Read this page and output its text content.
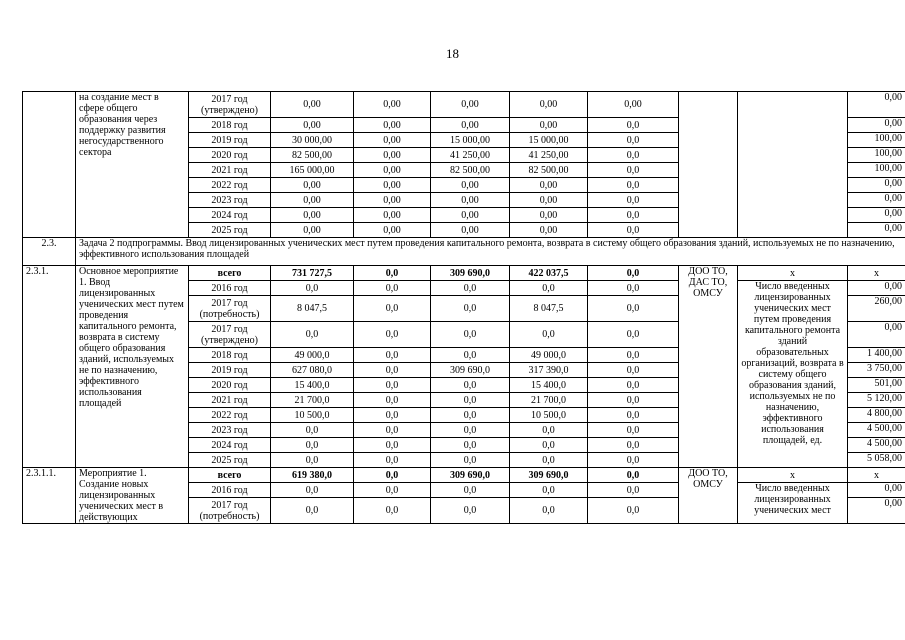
18
	на создание мест в сфере общего образования через поддержку развития негосударственного сектора	2017 год (утверждено)	0,00	0,00	0,00	0,00	0,00			0,00
		2018 год	0,00	0,00	0,00	0,00	0,0			0,00
		2019 год	30 000,00	0,00	15 000,00	15 000,00	0,0			100,00
		2020 год	82 500,00	0,00	41 250,00	41 250,00	0,0			100,00
		2021 год	165 000,00	0,00	82 500,00	82 500,00	0,0			100,00
		2022 год	0,00	0,00	0,00	0,00	0,0			0,00
		2023 год	0,00	0,00	0,00	0,00	0,0			0,00
		2024 год	0,00	0,00	0,00	0,00	0,0			0,00
		2025 год	0,00	0,00	0,00	0,00	0,0			0,00
2.3.	Задача 2 подпрограммы. Ввод лицензированных ученических мест путем проведения капитального ремонта, возврата в систему общего образования зданий, используемых не по назначению, эффективного использования площадей									
2.3.1.	Основное мероприятие 1. Ввод лицензированных ученических мест путем проведения капитального ремонта, возврата в систему общего образования зданий, используемых не по назначению, эффективного использования площадей	всего	731 727,5	0,0	309 690,0	422 037,5	0,0	ДОО ТО, ДАС ТО, ОМСУ	х	х
		2016 год	0,0	0,0	0,0	0,0	0,0		Число введенных лицензированных ученических мест путем проведения капитального ремонта зданий образовательных организаций, возврата в систему общего образования зданий, используемых не по назначению, эффективного использования площадей, ед.	0,00
		2017 год (потребность)	8 047,5	0,0	0,0	8 047,5	0,0			260,00
		2017 год (утверждено)	0,0	0,0	0,0	0,0	0,0			0,00
		2018 год	49 000,0	0,0	0,0	49 000,0	0,0			1 400,00
		2019 год	627 080,0	0,0	309 690,0	317 390,0	0,0			3 750,00
		2020 год	15 400,0	0,0	0,0	15 400,0	0,0			501,00
		2021 год	21 700,0	0,0	0,0	21 700,0	0,0			5 120,00
		2022 год	10 500,0	0,0	0,0	10 500,0	0,0			4 800,00
		2023 год	0,0	0,0	0,0	0,0	0,0			4 500,00
		2024 год	0,0	0,0	0,0	0,0	0,0			4 500,00
		2025 год	0,0	0,0	0,0	0,0	0,0			5 058,00
2.3.1.1.	Мероприятие 1. Создание новых лицензированных ученических мест в действующих	всего	619 380,0	0,0	309 690,0	309 690,0	0,0	ДОО ТО, ОМСУ	х	х
		2016 год	0,0	0,0	0,0	0,0	0,0		Число введенных лицензированных ученических мест	0,00
		2017 год (потребность)	0,0	0,0	0,0	0,0	0,0			0,00
